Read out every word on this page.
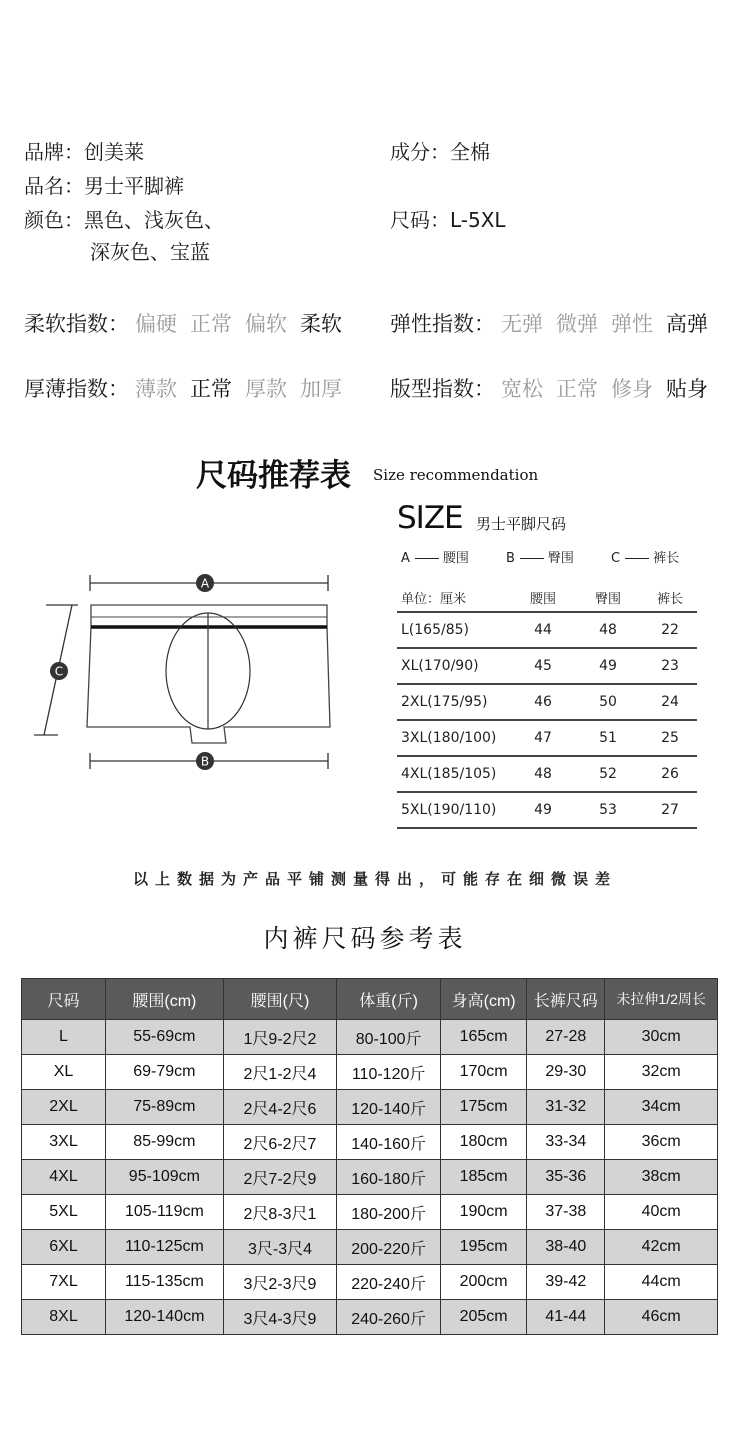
品牌：创美莱	成分：全棉
品名：男士平脚裤
颜色：黑色、浅灰色、
深灰色、宝蓝
尺码：L-5XL
柔软指数： 偏硬 正常 偏软 柔软	弹性指数： 无弹 微弹 弹性 高弹
厚薄指数： 薄款 正常 厚款 加厚	版型指数： 宽松 正常 修身 贴身
尺码推荐表 Size recommendation
A
B
C
SIZE 男士平脚尺码
A	腰围	B	臀围	C	裤长
单位：厘米	腰围	臀围	裤长
L(165/85)	44	48	22
XL(170/90)	45	49	23
2XL(175/95)	46	50	24
3XL(180/100)	47	51	25
4XL(185/105)	48	52	26
5XL(190/110)	49	53	27
以上数据为产品平铺测量得出，可能存在细微误差
内裤尺码参考表
尺码	腰围(cm)	腰围(尺)	体重(斤)	身高(cm)	长裤尺码	未拉伸1/2周长
L	55-69cm	1尺9-2尺2	80-100斤	165cm	27-28	30cm
XL	69-79cm	2尺1-2尺4	110-120斤	170cm	29-30	32cm
2XL	75-89cm	2尺4-2尺6	120-140斤	175cm	31-32	34cm
3XL	85-99cm	2尺6-2尺7	140-160斤	180cm	33-34	36cm
4XL	95-109cm	2尺7-2尺9	160-180斤	185cm	35-36	38cm
5XL	105-119cm	2尺8-3尺1	180-200斤	190cm	37-38	40cm
6XL	110-125cm	3尺-3尺4	200-220斤	195cm	38-40	42cm
7XL	115-135cm	3尺2-3尺9	220-240斤	200cm	39-42	44cm
8XL	120-140cm	3尺4-3尺9	240-260斤	205cm	41-44	46cm
